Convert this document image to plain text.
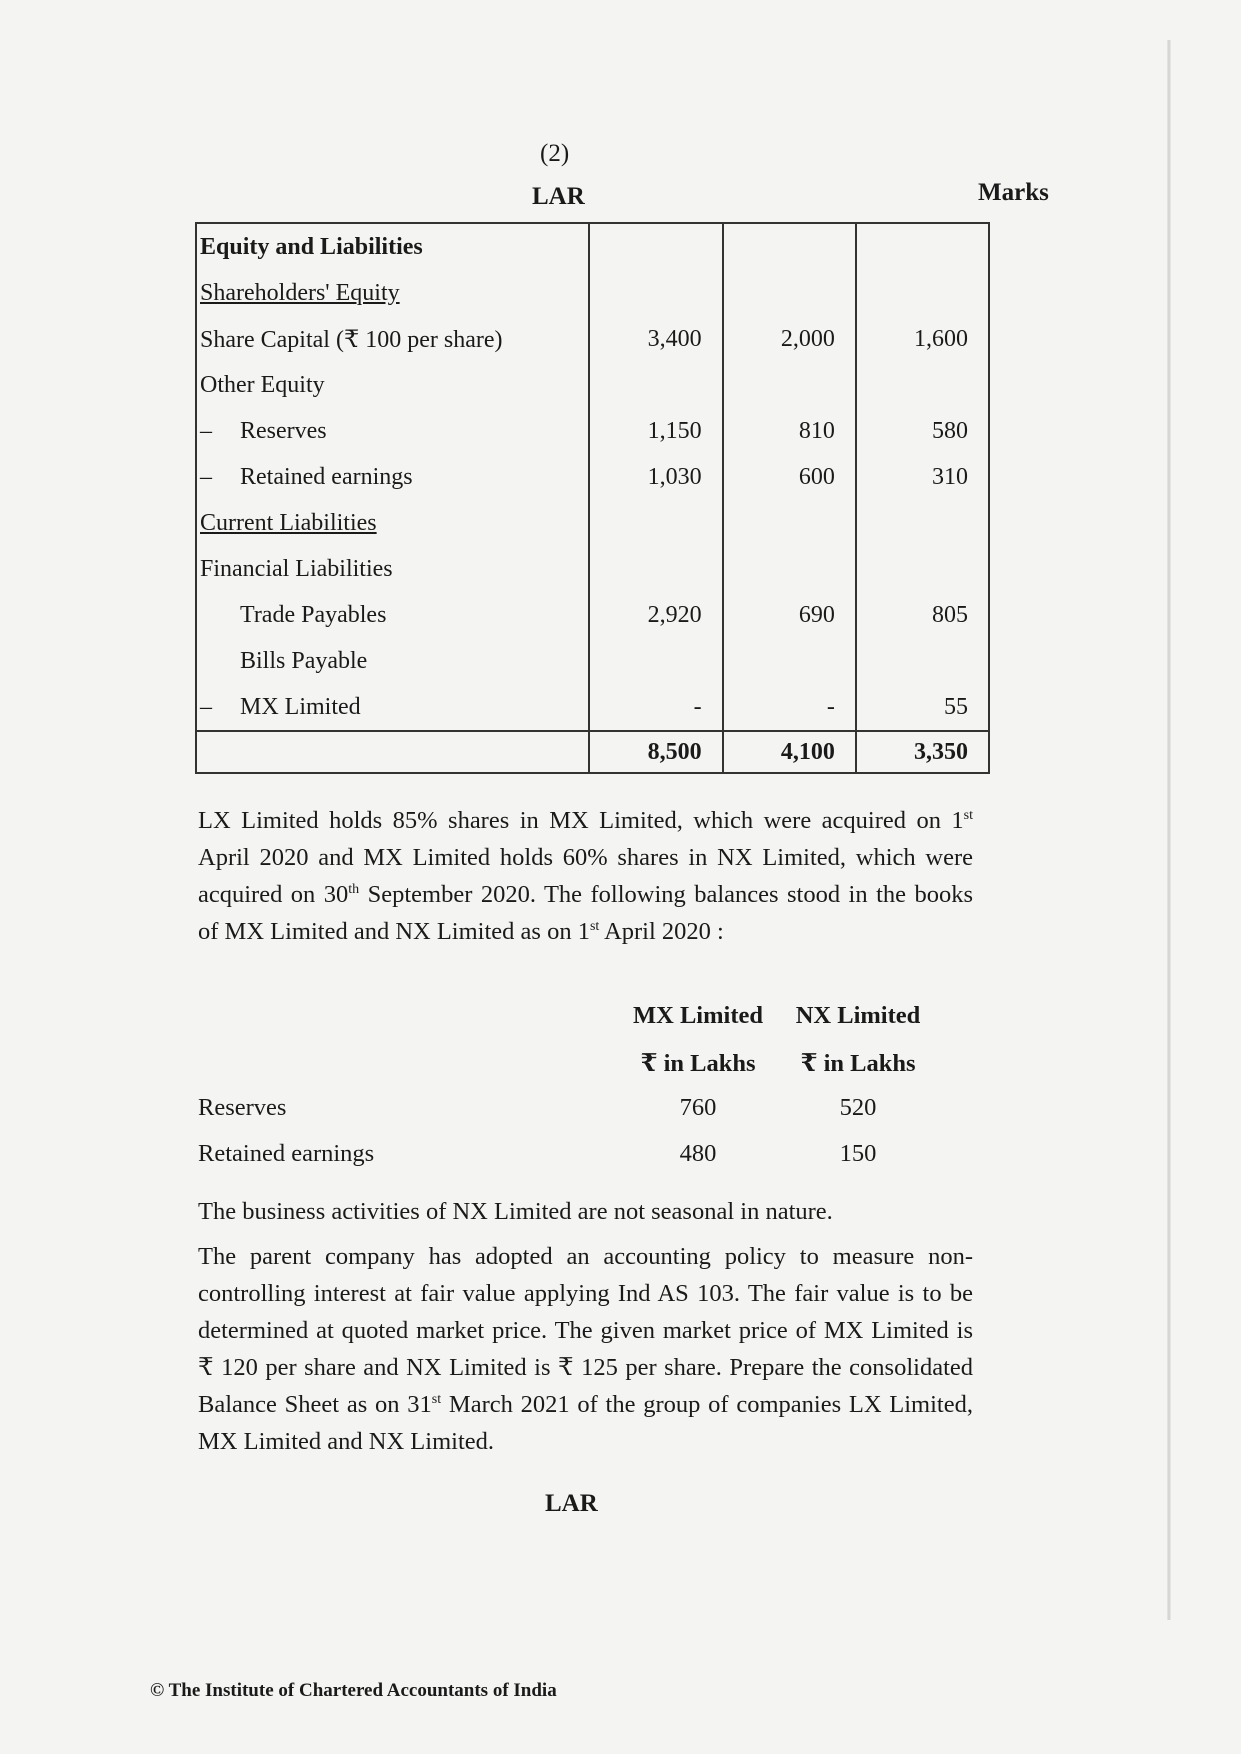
(2)
LAR	Marks
Equity and Liabilities			
Shareholders' Equity			
Share Capital (₹ 100 per share)	3,400	2,000	1,600
Other Equity			
– Reserves	1,150	810	580
– Retained earnings	1,030	600	310
Current Liabilities			
Financial Liabilities			
Trade Payables	2,920	690	805
Bills Payable			
– MX Limited	-	-	55
	8,500	4,100	3,350
LX Limited holds 85% shares in MX Limited, which were acquired on 1st April 2020 and MX Limited holds 60% shares in NX Limited, which were acquired on 30th September 2020. The following balances stood in the books of MX Limited and NX Limited as on 1st April 2020 :
MX Limited	NX Limited
₹ in Lakhs	₹ in Lakhs
Reserves	760	520
Retained earnings	480	150
The business activities of NX Limited are not seasonal in nature.
The parent company has adopted an accounting policy to measure non-controlling interest at fair value applying Ind AS 103. The fair value is to be determined at quoted market price. The given market price of MX Limited is ₹ 120 per share and NX Limited is ₹ 125 per share. Prepare the consolidated Balance Sheet as on 31st March 2021 of the group of companies LX Limited, MX Limited and NX Limited.
LAR
© The Institute of Chartered Accountants of India
